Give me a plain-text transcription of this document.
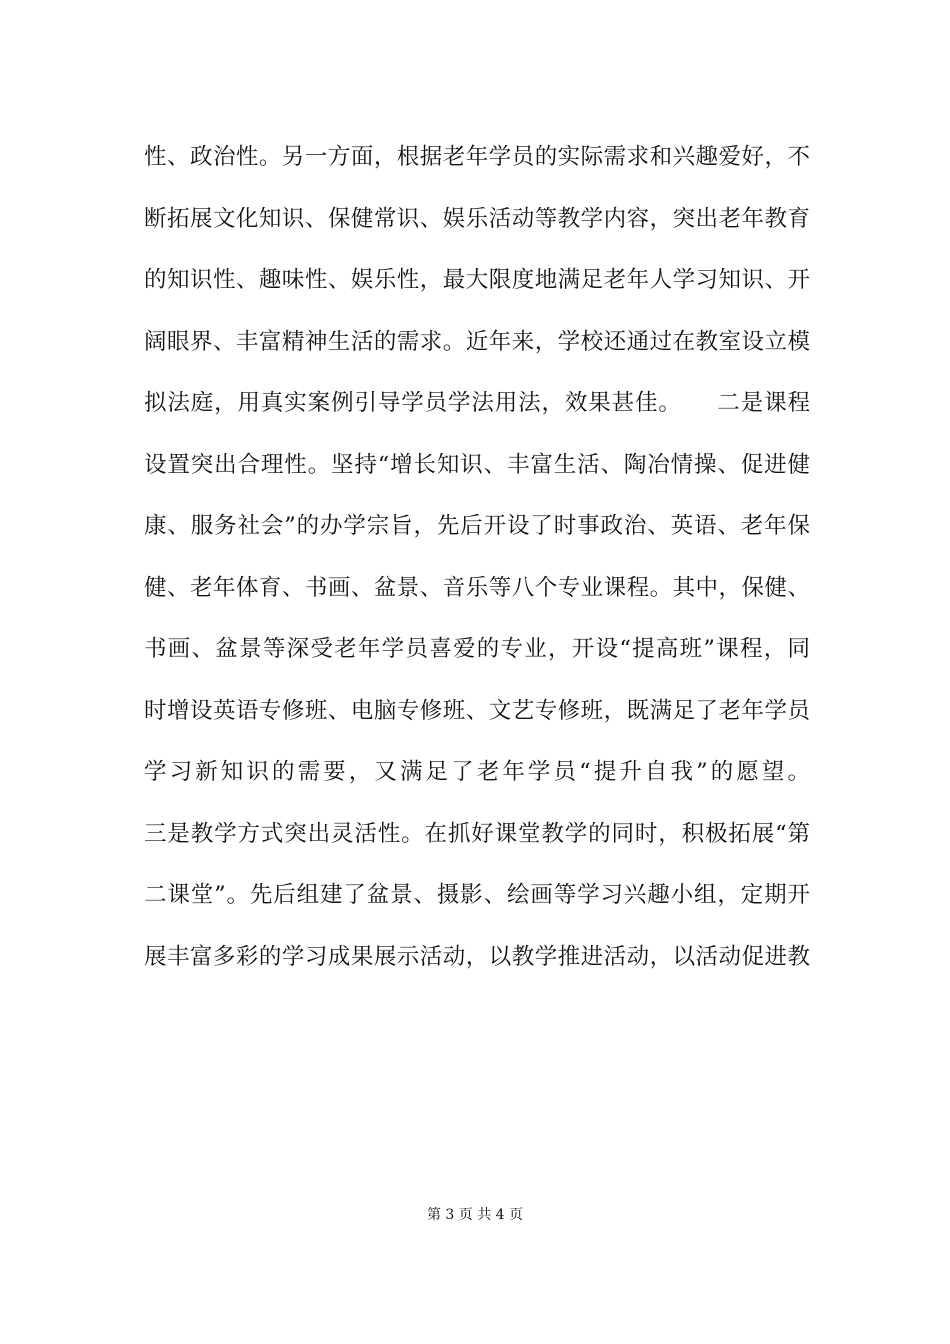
性、政治性。另一方面，根据老年学员的实际需求和兴趣爱好，不
断拓展文化知识、保健常识、娱乐活动等教学内容，突出老年教育
的知识性、趣味性、娱乐性，最大限度地满足老年人学习知识、开
阔眼界、丰富精神生活的需求。近年来，学校还通过在教室设立模
拟法庭，用真实案例引导学员学法用法，效果甚佳。　　二是课程
设置突出合理性。坚持“增长知识、丰富生活、陶冶情操、促进健
康、服务社会”的办学宗旨，先后开设了时事政治、英语、老年保
健、老年体育、书画、盆景、音乐等八个专业课程。其中，保健、
书画、盆景等深受老年学员喜爱的专业，开设“提高班”课程，同
时增设英语专修班、电脑专修班、文艺专修班，既满足了老年学员
学习新知识的需要，又满足了老年学员“提升自我”的愿望。
三是教学方式突出灵活性。在抓好课堂教学的同时，积极拓展“第
二课堂”。先后组建了盆景、摄影、绘画等学习兴趣小组，定期开
展丰富多彩的学习成果展示活动，以教学推进活动，以活动促进教
第 3 页 共 4 页
